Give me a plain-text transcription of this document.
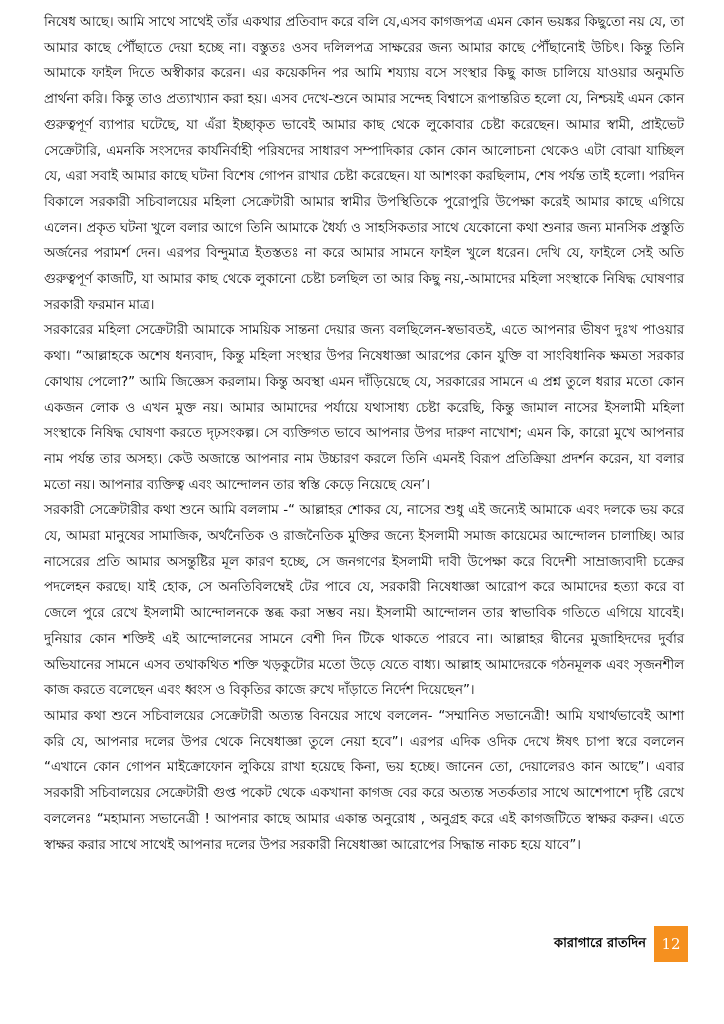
নিষেধ আছে। আমি সাথে সাথেই তাঁর একথার প্রতিবাদ করে বলি যে,এসব কাগজপত্র এমন কোন ভয়ঙ্কর কিছুতো নয় যে, তা আমার কাছে পৌঁছাতে দেয়া হচ্ছে না। বস্তুতঃ ওসব দলিলপত্র সাক্ষরের জন্য আমার কাছে পৌঁছানোই উচিৎ। কিন্তু তিনি আমাকে ফাইল দিতে অস্বীকার করেন। এর কয়েকদিন পর আমি শয্যায় বসে সংস্থার কিছু কাজ চালিয়ে যাওয়ার অনুমতি প্রার্থনা করি। কিন্তু তাও প্রত্যাখ্যান করা হয়। এসব দেখে-শুনে আমার সন্দেহ বিশ্বাসে রূপান্তরিত হলো যে, নিশ্চয়ই এমন কোন গুরুত্বপূর্ণ ব্যাপার ঘটেছে, যা এঁরা ইচ্ছাকৃত ভাবেই আমার কাছ থেকে লুকোবার চেষ্টা করেছেন। আমার স্বামী, প্রাইভেট সেক্রেটারি, এমনকি সংসদের কার্যনির্বাহী পরিষদের সাধারণ সম্পাদিকার কোন কোন আলোচনা থেকেও এটা বোঝা যাচ্ছিল যে, এরা সবাই আমার কাছে ঘটনা বিশেষ গোপন রাখার চেষ্টা করেছেন। যা আশংকা করছিলাম, শেষ পর্যন্ত তাই হলো। পরদিন বিকালে সরকারী সচিবালয়ের মহিলা সেক্রেটারী আমার স্বামীর উপস্থিতিকে পুরোপুরি উপেক্ষা করেই আমার কাছে এগিয়ে এলেন। প্রকৃত ঘটনা খুলে বলার আগে তিনি আমাকে ধৈর্য্য ও সাহসিকতার সাথে যেকোনো কথা শুনার জন্য মানসিক প্রস্তুতি অর্জনের পরামর্শ দেন। এরপর বিন্দুমাত্র ইতস্ততঃ না করে আমার সামনে ফাইল খুলে ধরেন। দেখি যে, ফাইলে সেই অতি গুরুত্বপূর্ণ কাজটি, যা আমার কাছ থেকে লুকানো চেষ্টা চলছিল তা আর কিছু নয়,-আমাদের মহিলা সংস্থাকে নিষিদ্ধ ঘোষণার সরকারী ফরমান মাত্র।

সরকারের মহিলা সেক্রেটারী আমাকে সাময়িক সান্তনা দেয়ার জন্য বলছিলেন-স্বভাবতই, এতে আপনার ভীষণ দুঃখ পাওয়ার কথা। “আল্লাহকে অশেষ ধন্যবাদ, কিন্তু মহিলা সংস্থার উপর নিষেধাজ্ঞা আরপের কোন যুক্তি বা সাংবিধানিক ক্ষমতা সরকার কোথায় পেলো?” আমি জিজ্ঞেস করলাম। কিন্তু অবস্থা এমন দাঁড়িয়েছে যে, সরকারের সামনে এ প্রশ্ন তুলে ধরার মতো কোন একজন লোক ও এখন মুক্ত নয়। আমার আমাদের পর্যায়ে যথাসাধ্য চেষ্টা করেছি, কিন্তু জামাল নাসের ইসলামী মহিলা সংস্থাকে নিষিদ্ধ ঘোষণা করতে দৃঢ়সংকল্প। সে ব্যক্তিগত ভাবে আপনার উপর দারুণ নাখোশ; এমন কি, কারো মুখে আপনার নাম পর্যন্ত তার অসহ্য। কেউ অজান্তে আপনার নাম উচ্চারণ করলে তিনি এমনই বিরূপ প্রতিক্রিয়া প্রদর্শন করেন, যা বলার মতো নয়। আপনার ব্যক্তিত্ব এবং আন্দোলন তার স্বস্তি কেড়ে নিয়েছে যেন’।

সরকারী সেক্রেটারীর কথা শুনে আমি বললাম -“ আল্লাহর শোকর যে, নাসের শুধু এই জন্যেই আমাকে এবং দলকে ভয় করে যে, আমরা মানুষের সামাজিক, অর্থনৈতিক ও রাজনৈতিক মুক্তির জন্যে ইসলামী সমাজ কায়েমের আন্দোলন চালাচ্ছি। আর নাসেরের প্রতি আমার অসন্তুষ্টির মূল কারণ হচ্ছে, সে জনগণের ইসলামী দাবী উপেক্ষা করে বিদেশী সাম্রাজ্যবাদী চক্রের পদলেহন করছে। যাই হোক, সে অনতিবিলম্বেই টের পাবে যে, সরকারী নিষেধাজ্ঞা আরোপ করে আমাদের হত্যা করে বা জেলে পুরে রেখে ইসলামী আন্দোলনকে স্তব্ধ করা সম্ভব নয়। ইসলামী আন্দোলন তার স্বাভাবিক গতিতে এগিয়ে যাবেই। দুনিয়ার কোন শক্তিই এই আন্দোলনের সামনে বেশী দিন টিকে থাকতে পারবে না। আল্লাহর দ্বীনের মুজাহিদদের দুর্বার অভিযানের সামনে এসব তথাকথিত শক্তি খড়কুটোর মতো উড়ে যেতে বাধ্য। আল্লাহ আমাদেরকে গঠনমূলক এবং সৃজনশীল কাজ করতে বলেছেন এবং ধ্বংস ও বিকৃতির কাজে রুখে দাঁড়াতে নির্দেশ দিয়েছেন”।

আমার কথা শুনে সচিবালয়ের সেক্রেটারী অত্যন্ত বিনয়ের সাথে বললেন- “সম্মানিত সভানেত্রী! আমি যথার্থভাবেই আশা করি যে, আপনার দলের উপর থেকে নিষেধাজ্ঞা তুলে নেয়া হবে”। এরপর এদিক ওদিক দেখে ঈষৎ চাপা স্বরে বললেন “এখানে কোন গোপন মাইক্রোফোন লুকিয়ে রাখা হয়েছে কিনা, ভয় হচ্ছে। জানেন তো, দেয়ালেরও কান আছে”। এবার সরকারী সচিবালয়ের সেক্রেটারী গুপ্ত পকেট থেকে একখানা কাগজ বের করে অত্যন্ত সতর্কতার সাথে আশেপাশে দৃষ্টি রেখে বললেনঃ “মহামান্য সভানেত্রী ! আপনার কাছে আমার একান্ত অনুরোধ , অনুগ্রহ করে এই কাগজটিতে স্বাক্ষর করুন। এতে স্বাক্ষর করার সাথে সাথেই আপনার দলের উপর সরকারী নিষেধাজ্ঞা আরোপের সিদ্ধান্ত নাকচ হয়ে যাবে”।

কারাগারে রাতদিন	12
